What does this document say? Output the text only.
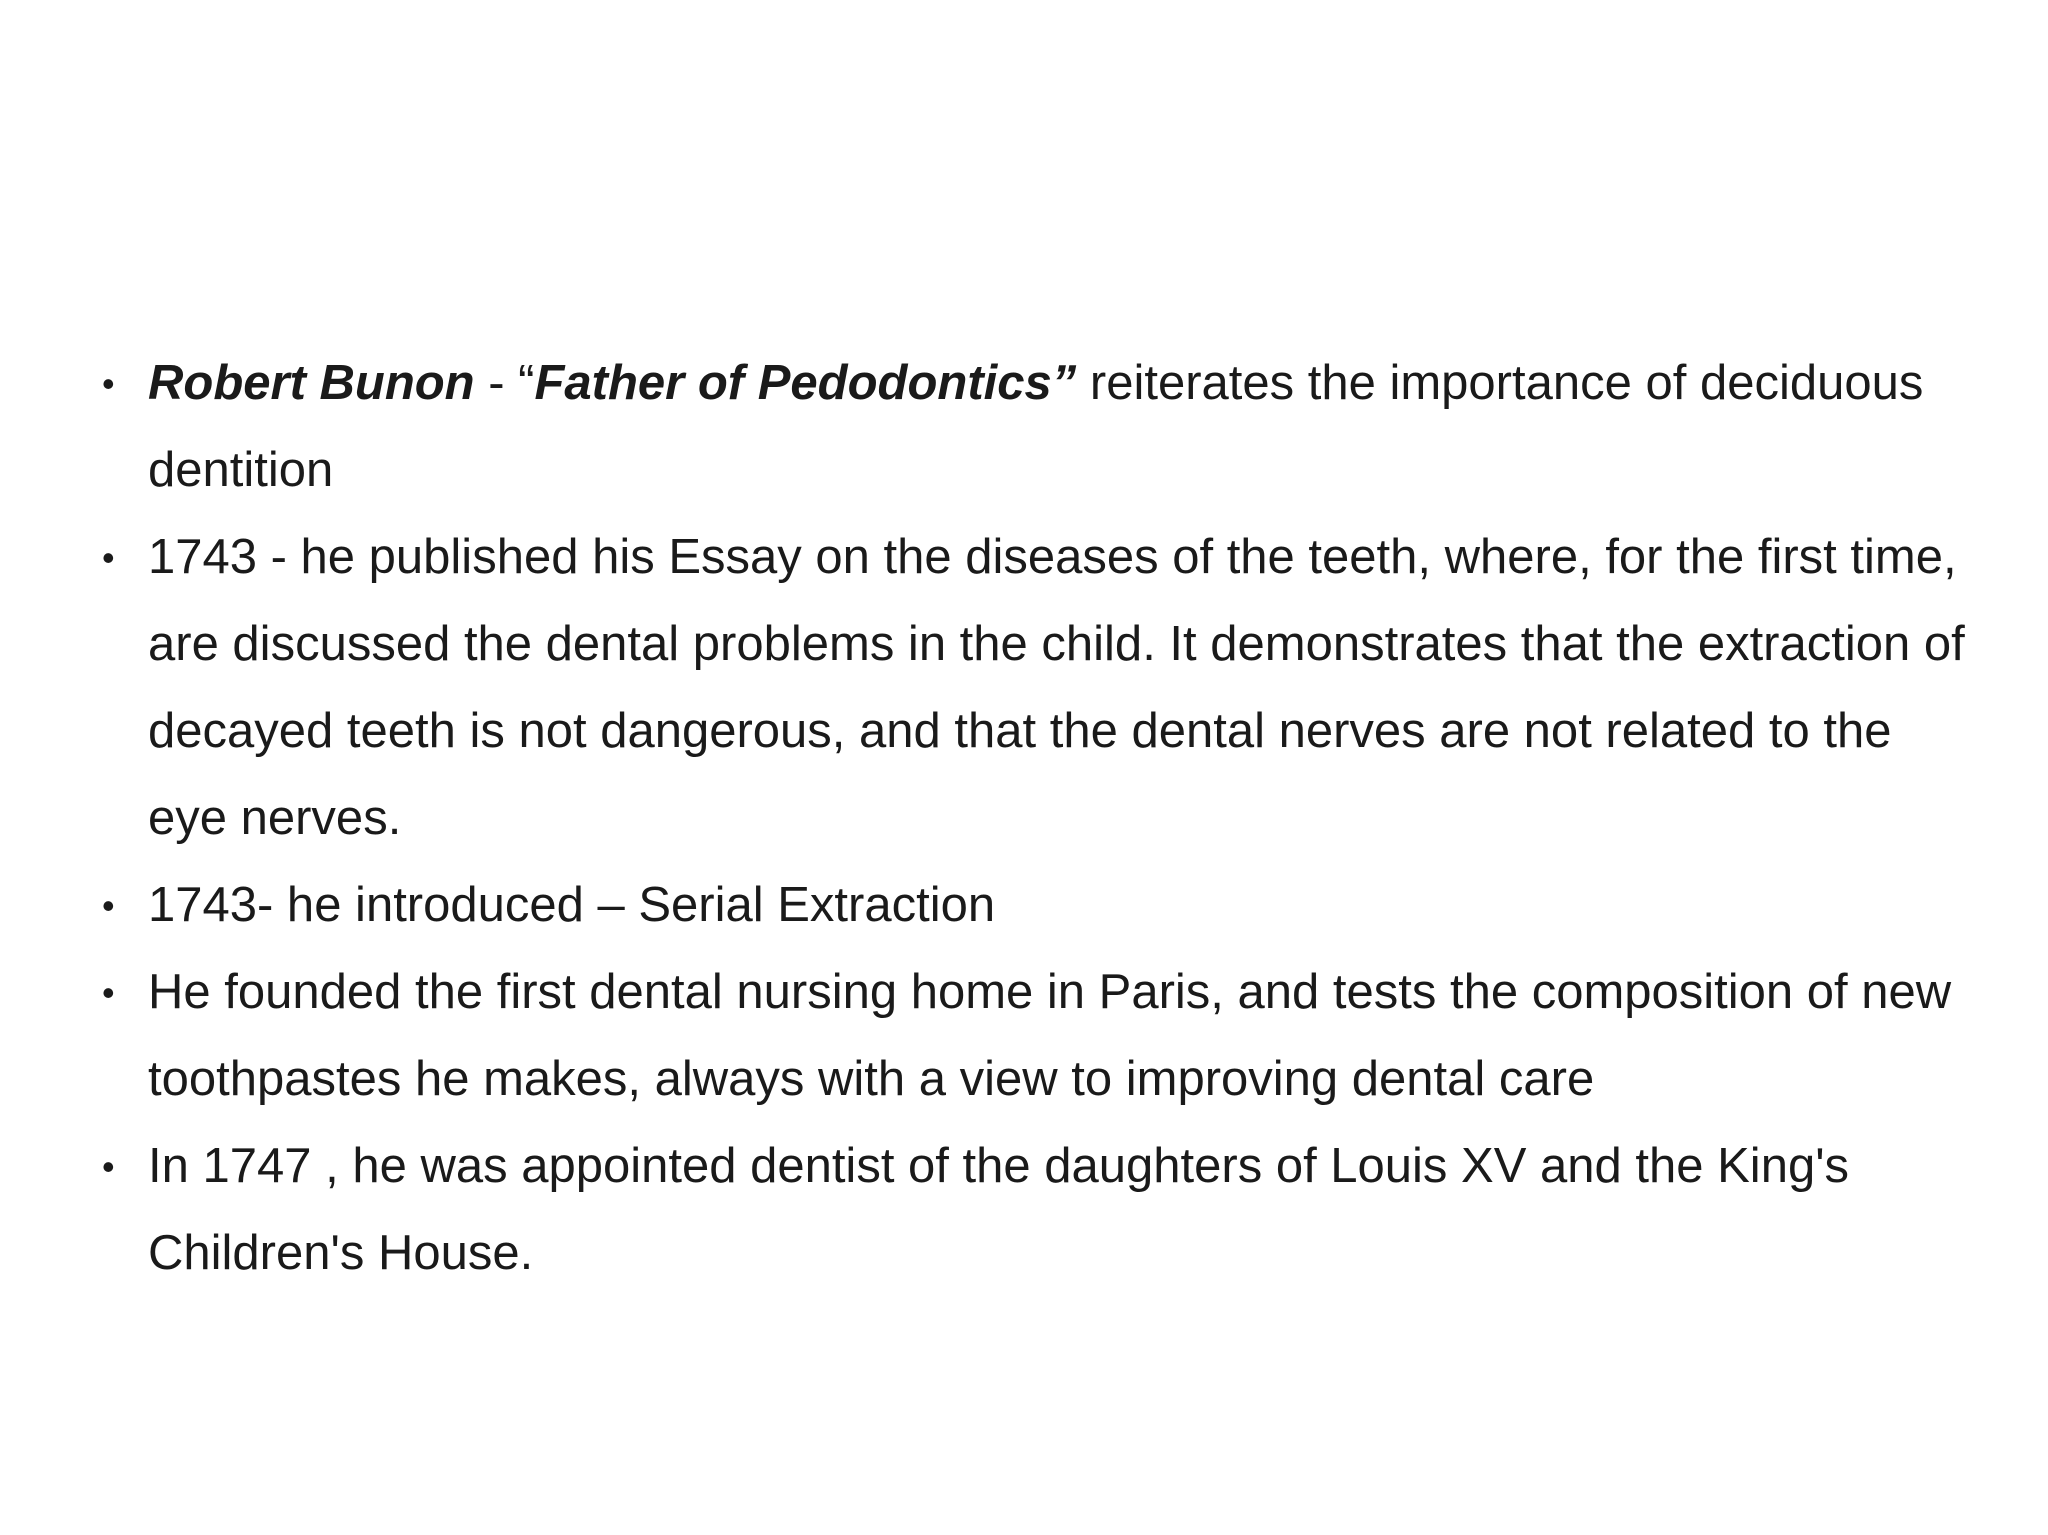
• Robert Bunon - “Father of Pedodontics” reiterates the importance of deciduous dentition
• 1743 - he published his Essay on the diseases of the teeth, where, for the first time, are discussed the dental problems in the child. It demonstrates that the extraction of decayed teeth is not dangerous, and that the dental nerves are not related to the eye nerves.
• 1743- he introduced – Serial Extraction
• He founded the first dental nursing home in Paris, and tests the composition of new toothpastes he makes, always with a view to improving dental care
• In 1747 , he was appointed dentist of the daughters of Louis XV and the King's Children's House.
